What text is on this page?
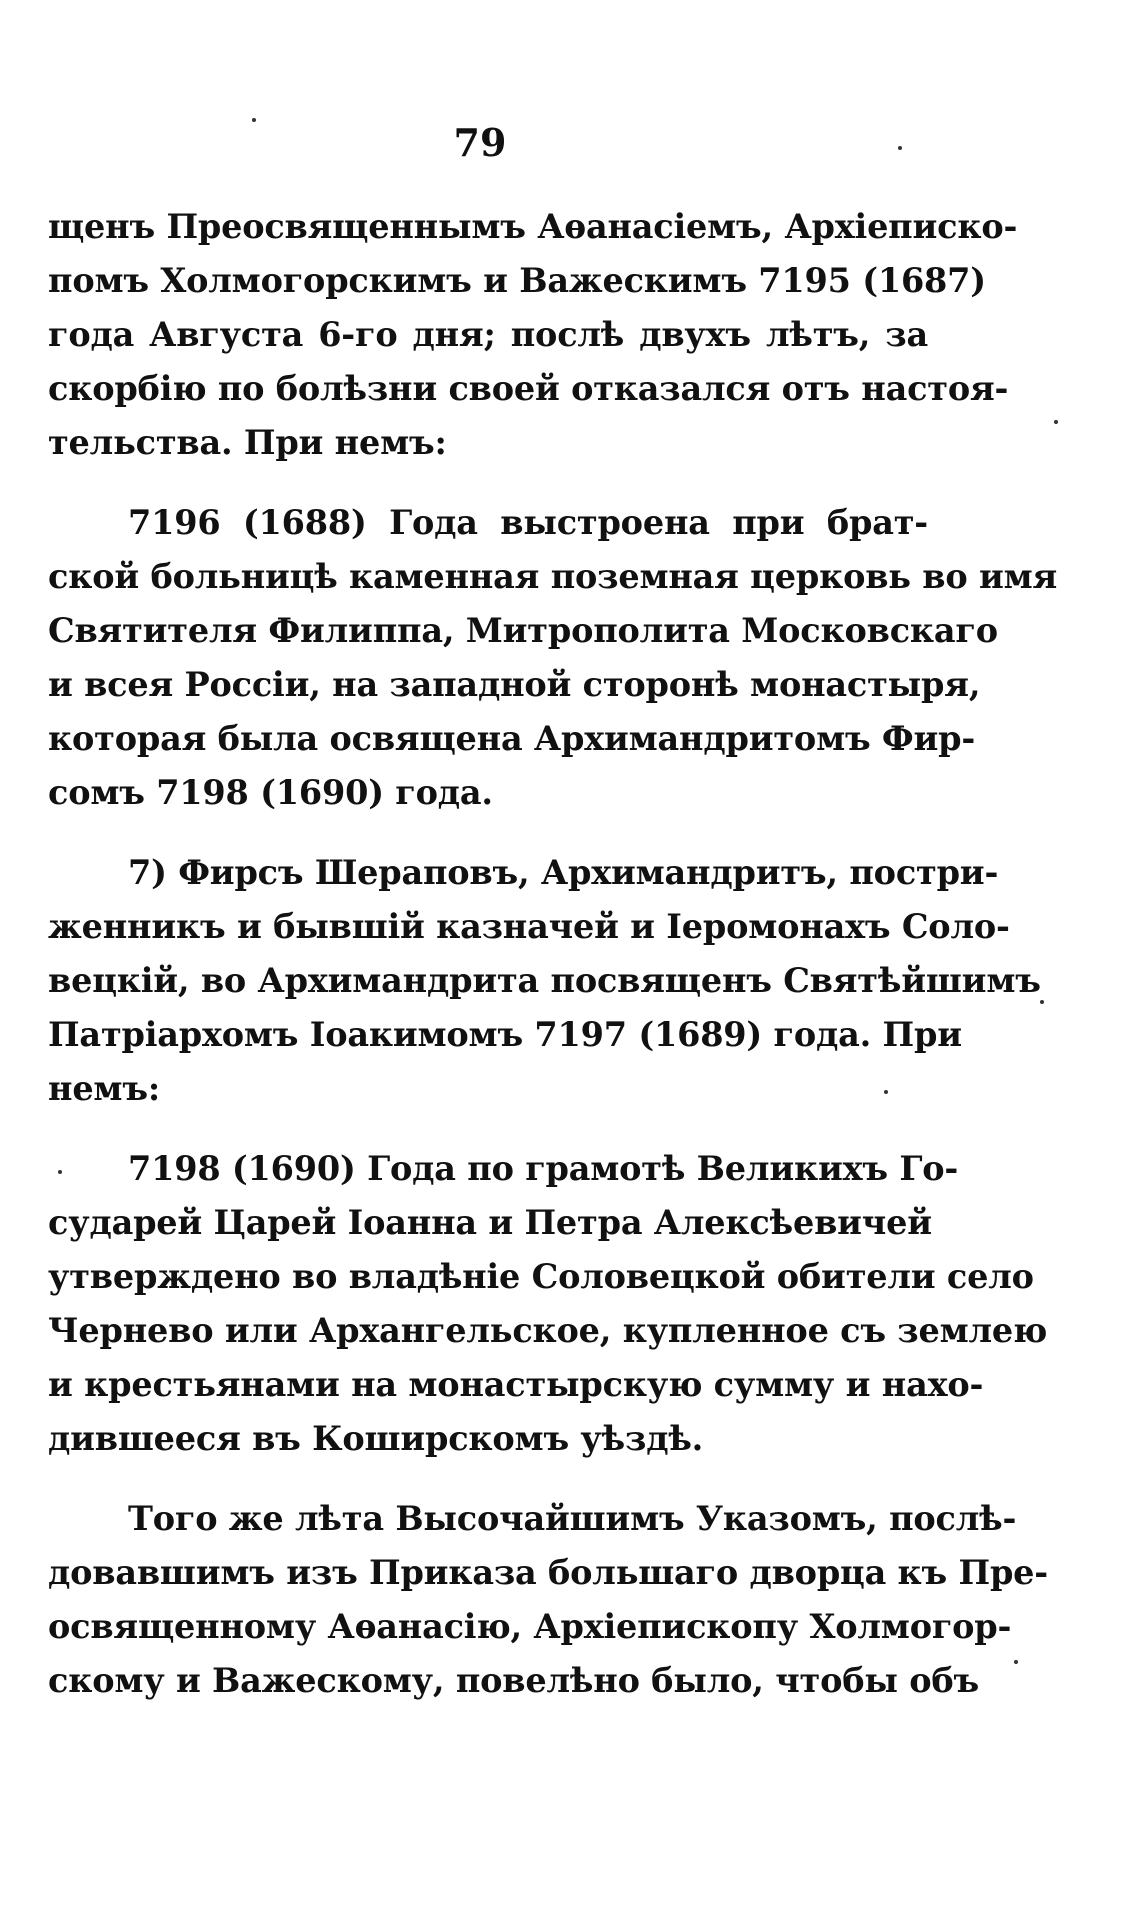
79
щенъ Преосвященнымъ Аѳанасіемъ, Архіеписко-
помъ Холмогорскимъ и Важескимъ 7195 (1687)
года Августа 6-го дня; послѣ двухъ лѣтъ, за
скорбію по болѣзни своей отказался отъ настоя-
тельства. При немъ:
7196 (1688) Года выстроена при брат-
ской больницѣ каменная поземная церковь во имя
Святителя Филиппа, Митрополита Московскаго
и всея Россіи, на западной сторонѣ монастыря,
которая была освящена Архимандритомъ Фир-
сомъ 7198 (1690) года.
7) Фирсъ Шераповъ, Архимандритъ, постри-
женникъ и бывшій казначей и Іеромонахъ Соло-
вецкій, во Архимандрита посвященъ Святѣйшимъ
Патріархомъ Іоакимомъ 7197 (1689) года. При
немъ:
7198 (1690) Года по грамотѣ Великихъ Го-
сударей Царей Іоанна и Петра Алексѣевичей
утверждено во владѣніе Соловецкой обители село
Чернево или Архангельское, купленное съ землею
и крестьянами на монастырскую сумму и нахо-
дившееся въ Коширскомъ уѣздѣ.
Того же лѣта Высочайшимъ Указомъ, послѣ-
довавшимъ изъ Приказа большаго дворца къ Пре-
освященному Аѳанасію, Архіепископу Холмогор-
скому и Важескому, повелѣно было, чтобы объ
